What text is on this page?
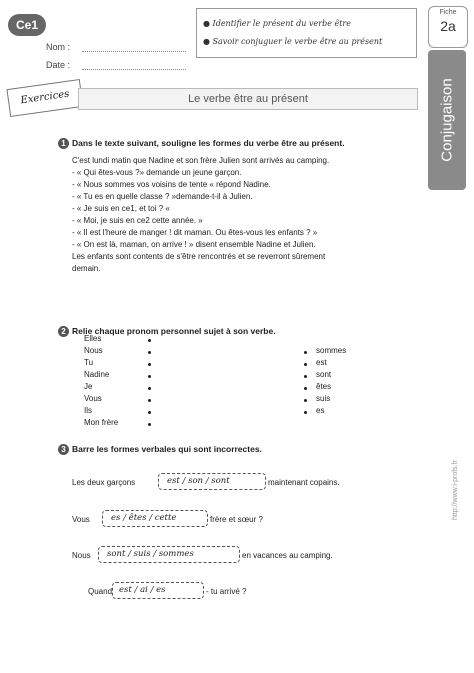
Ce1
Nom :
Date :
● Identifier le présent du verbe être
● Savoir conjuguer le verbe être au présent
Fiche
2a
Conjugaison
Exercices	Le verbe être au présent
1 Dans le texte suivant, souligne les formes du verbe être au présent.
C'est lundi matin que Nadine et son frère Julien sont arrivés au camping.
- « Qui êtes-vous ?» demande un jeune garçon.
- « Nous sommes vos voisins de tente « répond Nadine.
- « Tu es en quelle classe ? »demande-t-il à Julien.
- « Je suis en ce1, et toi ? «
- « Moi, je suis en ce2 cette année. »
- « Il est l'heure de manger ! dit maman. Ou êtes-vous les enfants ? »
- « On est là, maman, on arrive ! » disent ensemble Nadine et Julien.
Les enfants sont contents de s'être rencontrés et se reverront sûrement
demain.
2 Relie chaque pronom personnel sujet à son verbe.
Elles
Nous
Tu
Nadine
Je
Vous
Ils
Mon frère
sommes
est
sont
êtes
suis
es
3 Barre les formes verbales qui sont incorrectes.
Les deux garçons	est / son / sont	maintenant copains.
Vous es / êtes / cette	frère et sœur ?
Nous sont / suis / sommes	en vacances au camping.
Quand est / ai / es	- tu arrivé ?
http://www.i-profs.fr
